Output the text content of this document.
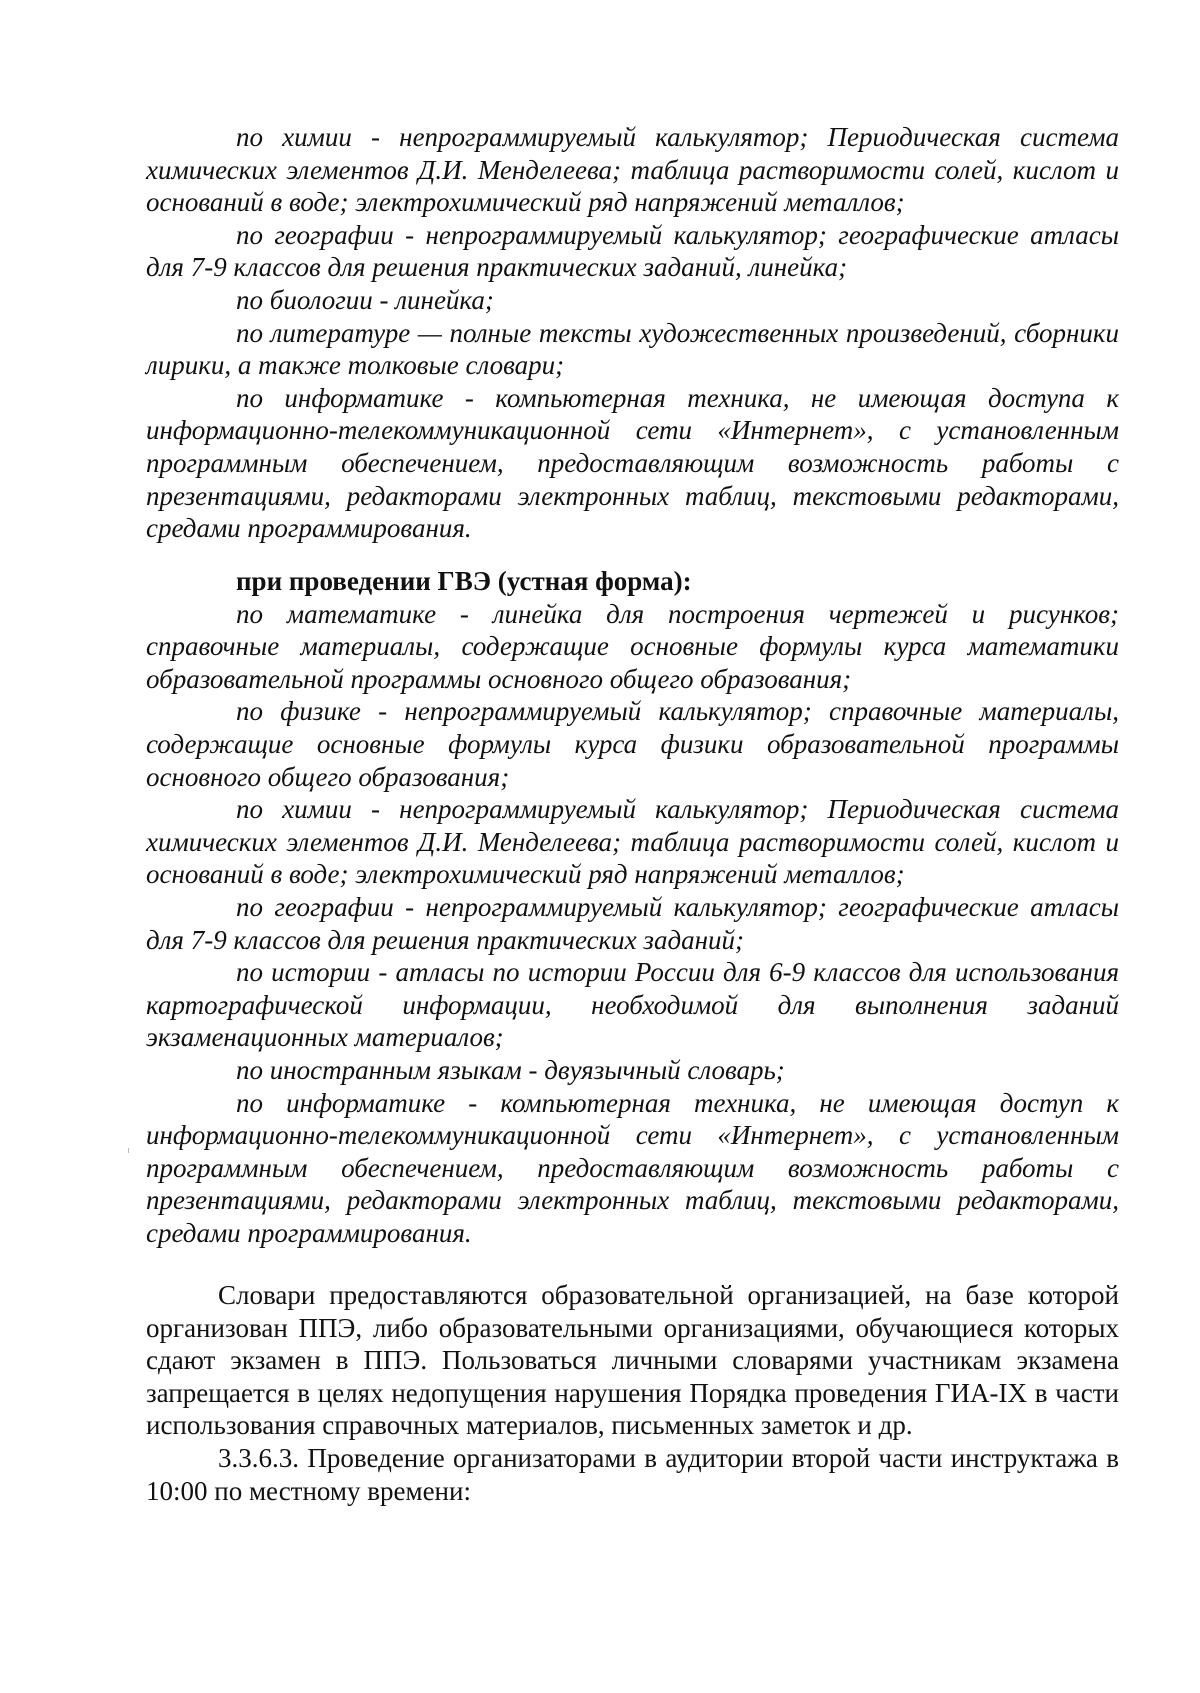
по химии - непрограммируемый калькулятор; Периодическая система химических элементов Д.И. Менделеева; таблица растворимости солей, кислот и оснований в воде; электрохимический ряд напряжений металлов;

по географии - непрограммируемый калькулятор; географические атласы для 7-9 классов для решения практических заданий, линейка;

по биологии - линейка;

по литературе — полные тексты художественных произведений, сборники лирики, а также толковые словари;

по информатике - компьютерная техника, не имеющая доступа к информационно-телекоммуникационной сети «Интернет», с установленным программным обеспечением, предоставляющим возможность работы с презентациями, редакторами электронных таблиц, текстовыми редакторами, средами программирования.

при проведении ГВЭ (устная форма):

по математике - линейка для построения чертежей и рисунков; справочные материалы, содержащие основные формулы курса математики образовательной программы основного общего образования;

по физике - непрограммируемый калькулятор; справочные материалы, содержащие основные формулы курса физики образовательной программы основного общего образования;

по химии - непрограммируемый калькулятор; Периодическая система химических элементов Д.И. Менделеева; таблица растворимости солей, кислот и оснований в воде; электрохимический ряд напряжений металлов;

по географии - непрограммируемый калькулятор; географические атласы для 7-9 классов для решения практических заданий;

по истории - атласы по истории России для 6-9 классов для использования картографической информации, необходимой для выполнения заданий экзаменационных материалов;

по иностранным языкам - двуязычный словарь;

по информатике - компьютерная техника, не имеющая доступ к информационно-телекоммуникационной сети «Интернет», с установленным программным обеспечением, предоставляющим возможность работы с презентациями, редакторами электронных таблиц, текстовыми редакторами, средами программирования.

Словари предоставляются образовательной организацией, на базе которой организован ППЭ, либо образовательными организациями, обучающиеся которых сдают экзамен в ППЭ. Пользоваться личными словарями участникам экзамена запрещается в целях недопущения нарушения Порядка проведения ГИА-IX в части использования справочных материалов, письменных заметок и др.

3.3.6.3. Проведение организаторами в аудитории второй части инструктажа в 10:00 по местному времени:
